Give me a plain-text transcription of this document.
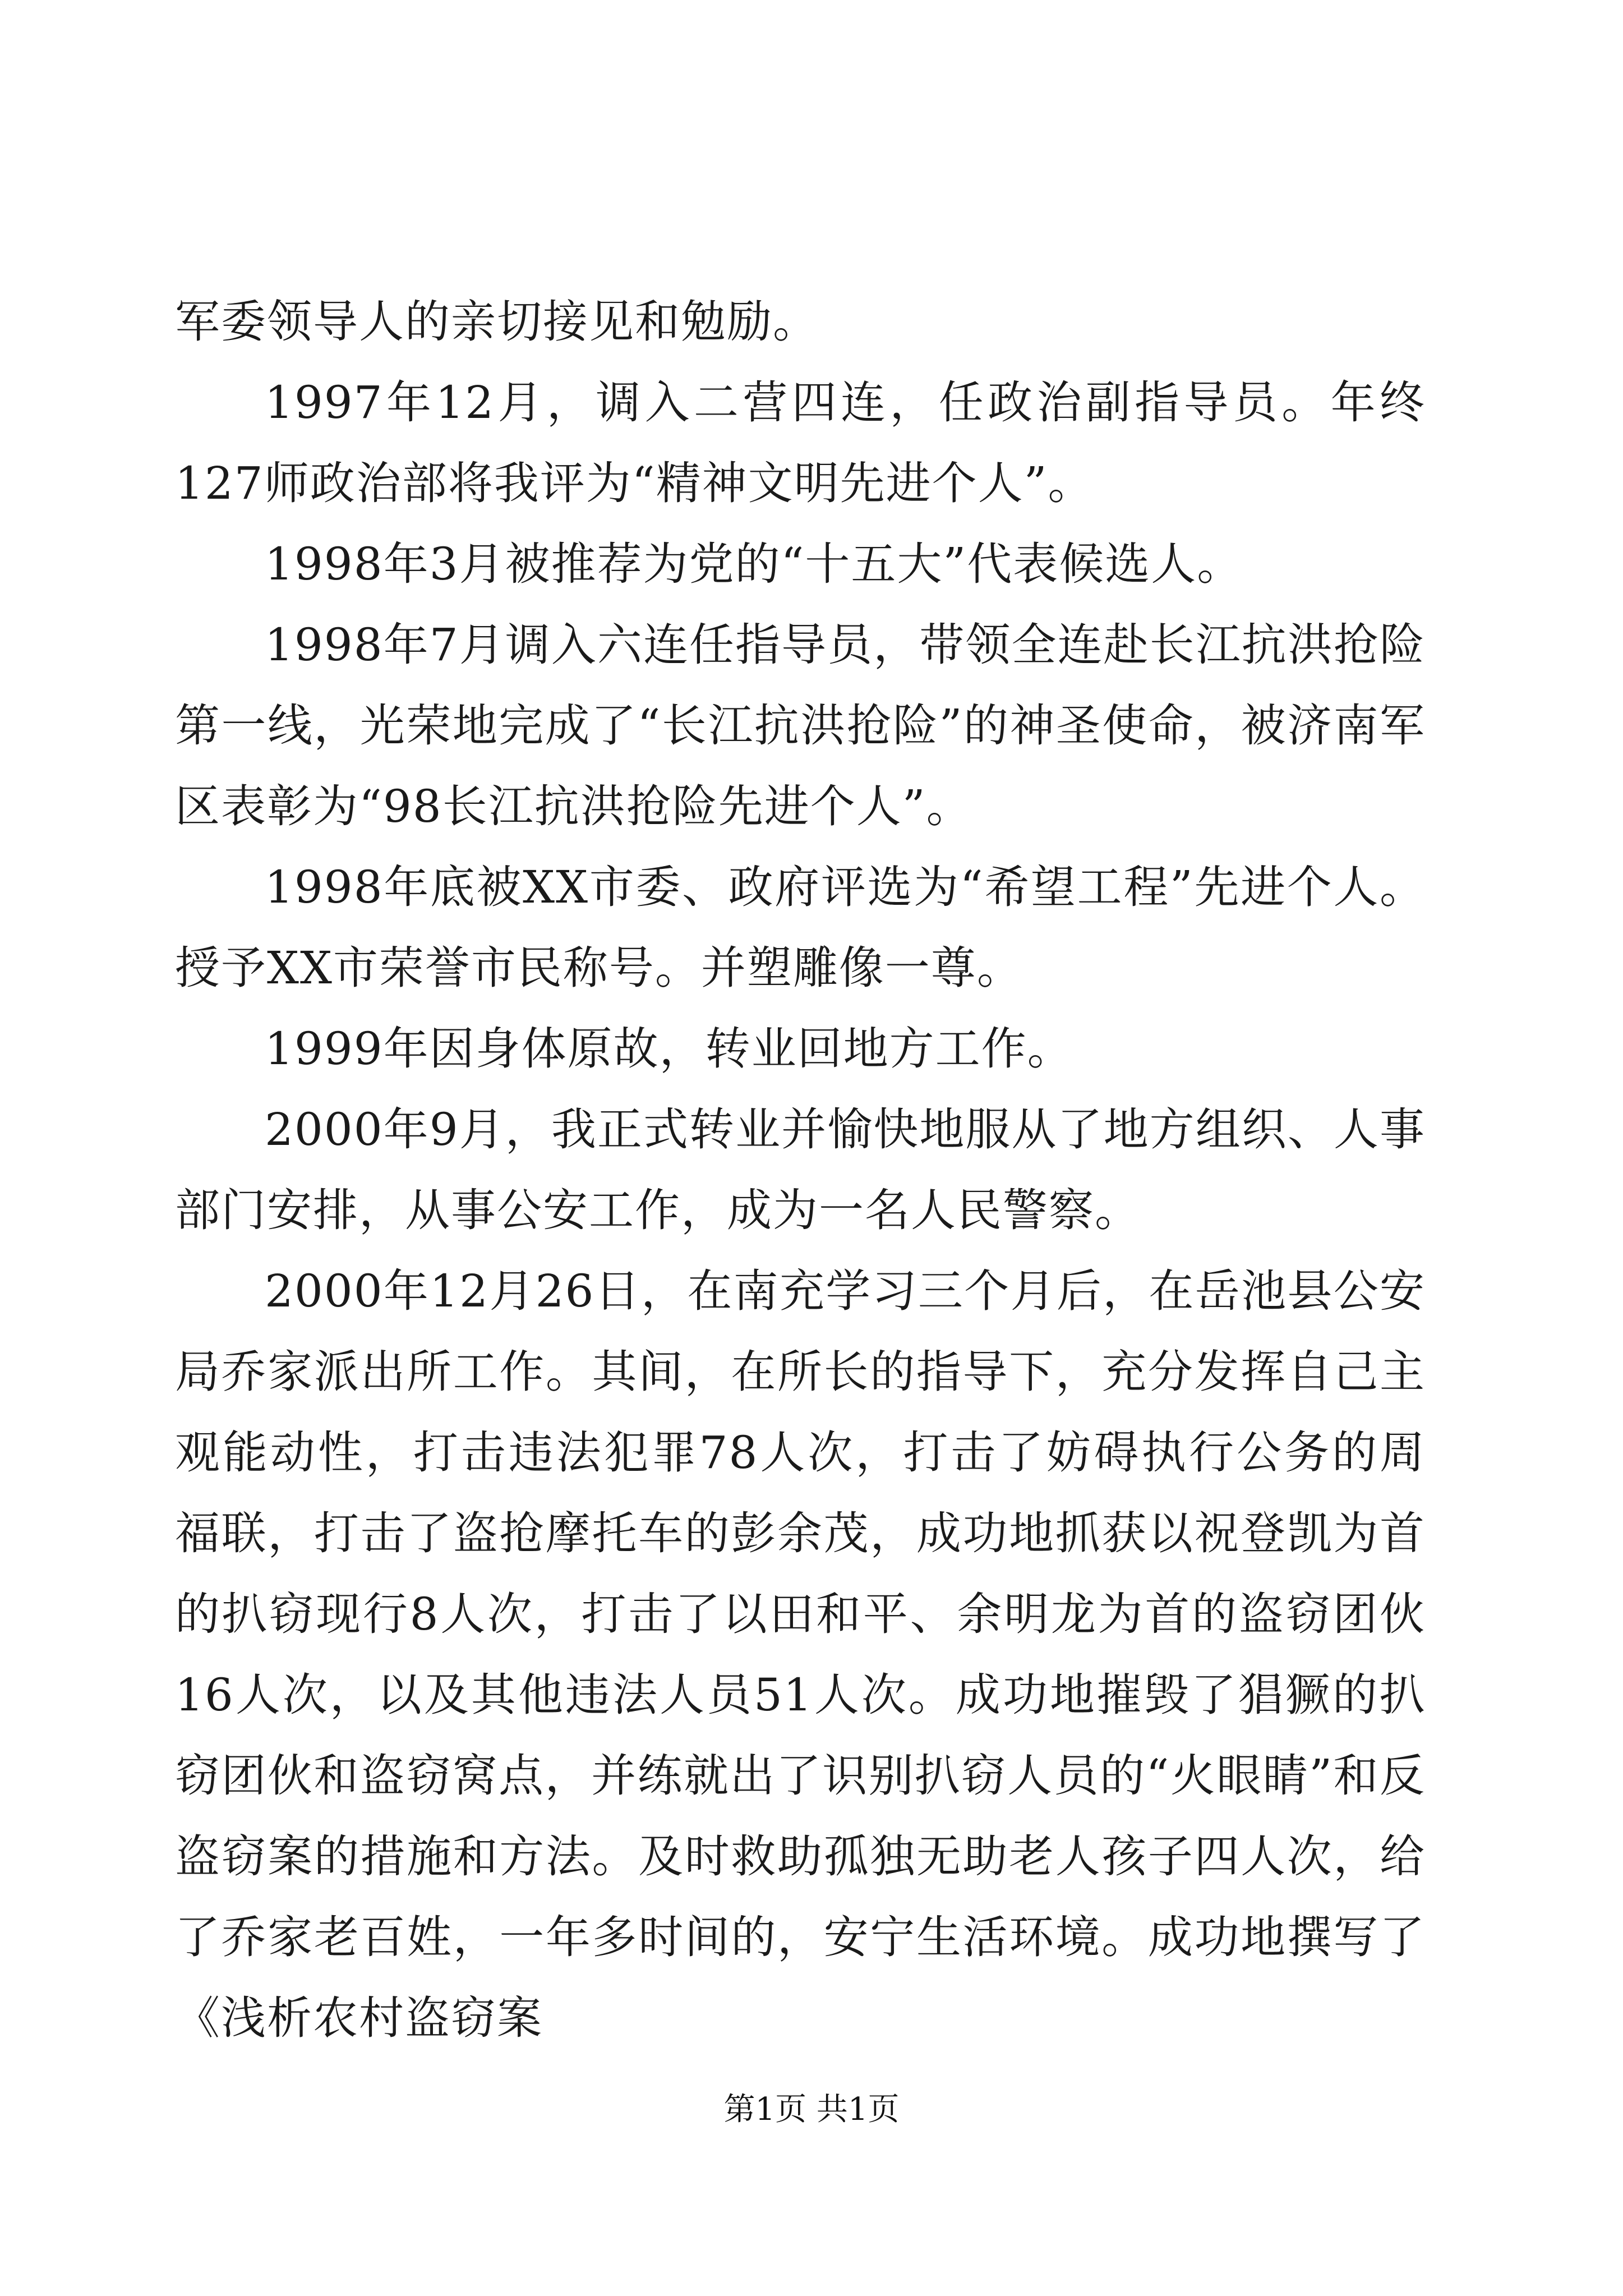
军委领导人的亲切接见和勉励。

1997年12月，调入二营四连，任政治副指导员。年终127师政治部将我评为“精神文明先进个人”。

1998年3月被推荐为党的“十五大”代表候选人。

1998年7月调入六连任指导员，带领全连赴长江抗洪抢险第一线，光荣地完成了“长江抗洪抢险”的神圣使命，被济南军区表彰为“98长江抗洪抢险先进个人”。

1998年底被XX市委、政府评选为“希望工程”先进个人。授予XX市荣誉市民称号。并塑雕像一尊。

1999年因身体原故，转业回地方工作。

2000年9月，我正式转业并愉快地服从了地方组织、人事部门安排，从事公安工作，成为一名人民警察。

2000年12月26日，在南充学习三个月后，在岳池县公安局乔家派出所工作。其间，在所长的指导下，充分发挥自己主观能动性，打击违法犯罪78人次，打击了妨碍执行公务的周福联，打击了盗抢摩托车的彭余茂，成功地抓获以祝登凯为首的扒窃现行8人次，打击了以田和平、余明龙为首的盗窃团伙16人次，以及其他违法人员51人次。成功地摧毁了猖獗的扒窃团伙和盗窃窝点，并练就出了识别扒窃人员的“火眼睛”和反盗窃案的措施和方法。及时救助孤独无助老人孩子四人次，给了乔家老百姓，一年多时间的，安宁生活环境。成功地撰写了《浅析农村盗窃案

第1页 共1页
